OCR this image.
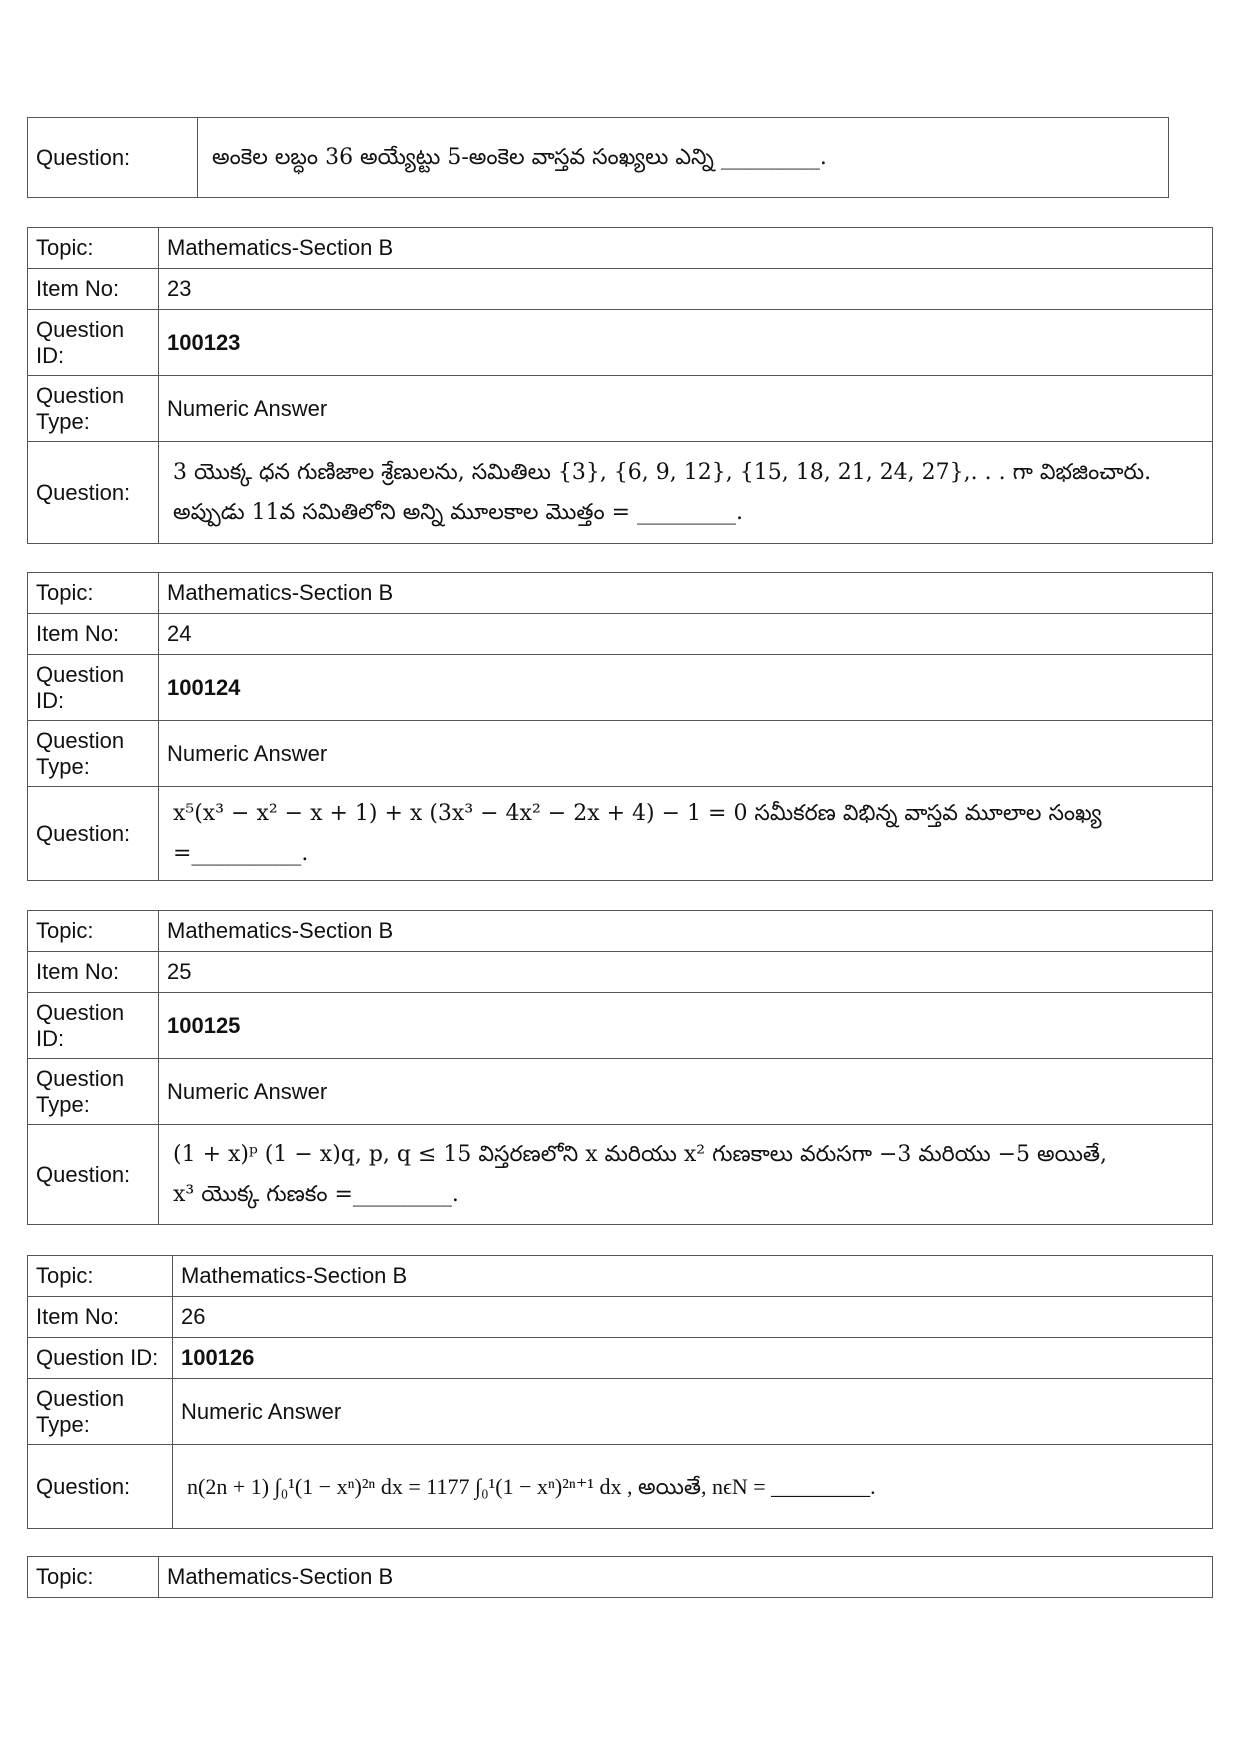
Question:	అంకెల లబ్ధం 36 అయ్యేట్టు 5-అంకెల వాస్తవ సంఖ్యలు ఎన్ని _________.
Topic:	Mathematics-Section B
Item No:	23
Question ID:	100123
Question Type:	Numeric Answer
Question:	3 యొక్క ధన గుణిజాల శ్రేణులను, సమితిలు {3}, {6, 9, 12}, {15, 18, 21, 24, 27},. . . గా విభజించారు.
అప్పుడు 11వ సమితిలోని అన్ని మూలకాల మొత్తం = _________.
Topic:	Mathematics-Section B
Item No:	24
Question ID:	100124
Question Type:	Numeric Answer
Question:	x⁵(x³ − x² − x + 1) + x (3x³ − 4x² − 2x + 4) − 1 = 0 సమీకరణ విభిన్న వాస్తవ మూలాల సంఖ్య
=__________.
Topic:	Mathematics-Section B
Item No:	25
Question ID:	100125
Question Type:	Numeric Answer
Question:	(1 + x)ᵖ (1 − x)q, p, q ≤ 15 విస్తరణలోని x మరియు x² గుణకాలు వరుసగా −3 మరియు −5 అయితే,
x³ యొక్క గుణకం =_________.
Topic:	Mathematics-Section B
Item No:	26
Question ID:	100126
Question Type:	Numeric Answer
Question:	n(2n + 1) ∫₀¹(1 − xⁿ)²ⁿ dx = 1177 ∫₀¹(1 − xⁿ)²ⁿ⁺¹ dx , అయితే, nϵN = _________.
Topic:	Mathematics-Section B
